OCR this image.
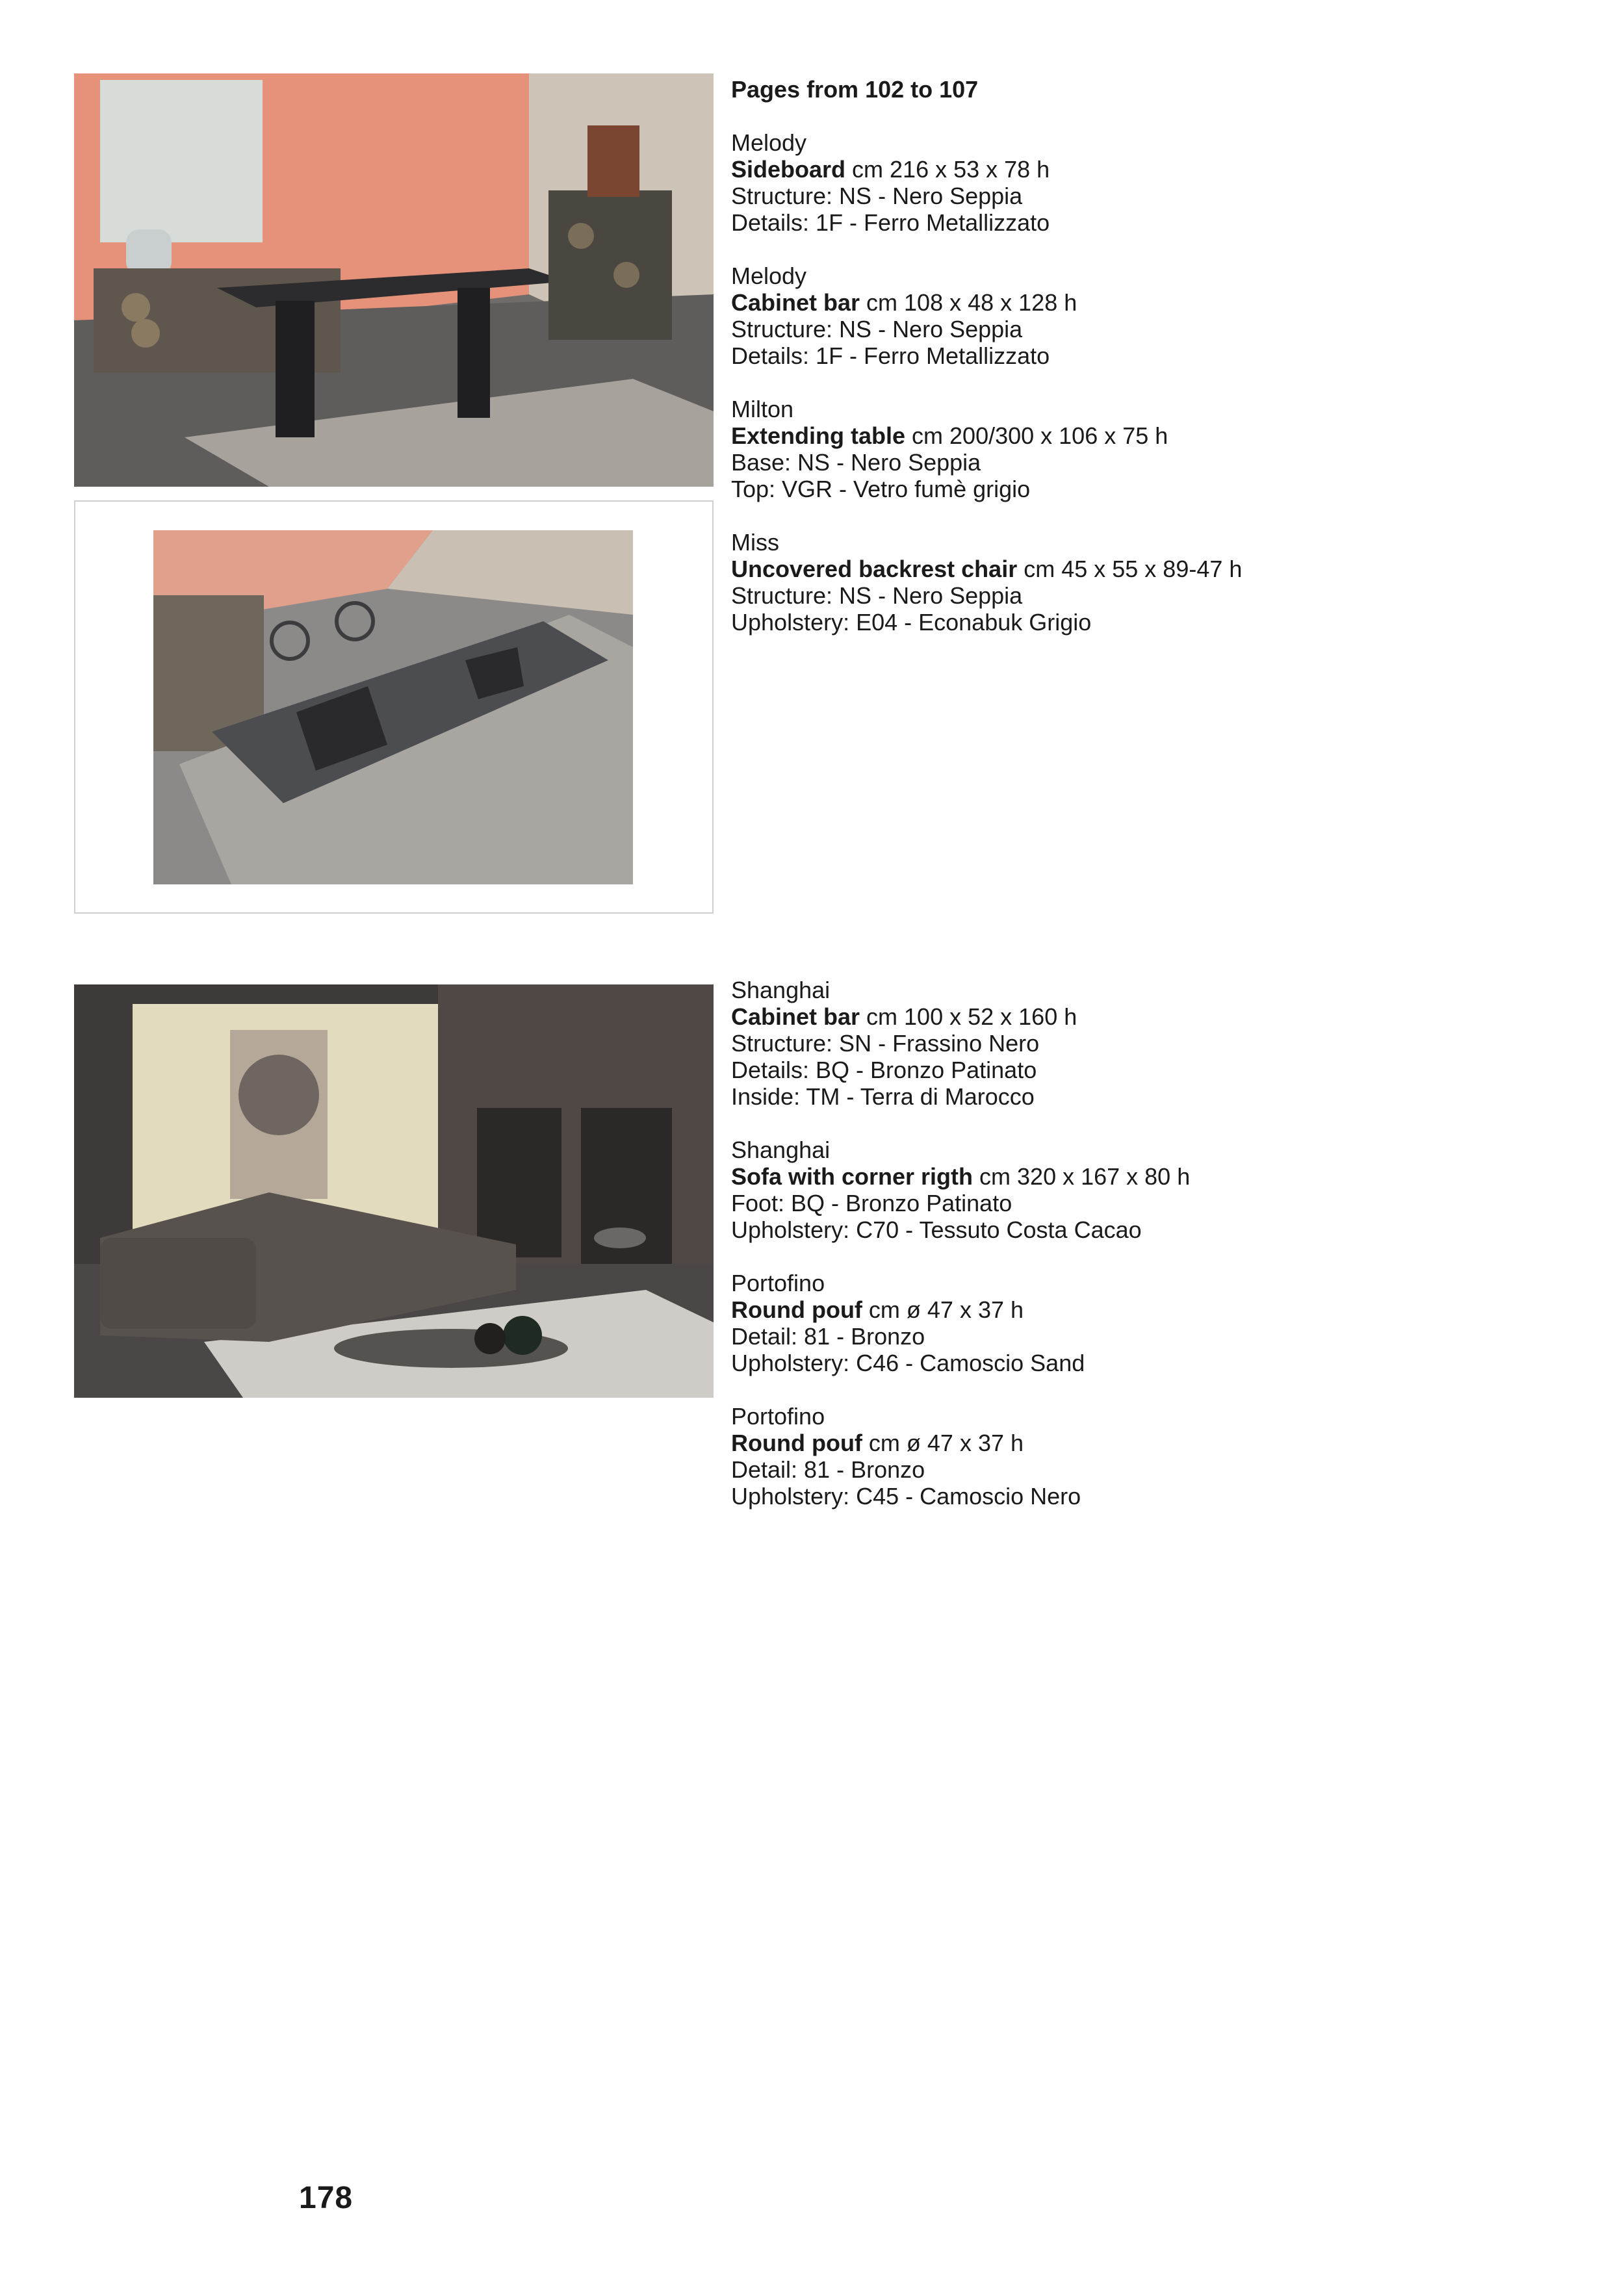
Pages from 102 to 107

Melody

Sideboard cm 216 x 53 x 78 h

Structure: NS - Nero Seppia

Details: 1F - Ferro Metallizzato

Melody

Cabinet bar cm 108 x 48 x 128 h

Structure: NS - Nero Seppia

Details: 1F - Ferro Metallizzato

Milton

Extending table cm 200/300 x 106 x 75 h

Base: NS - Nero Seppia

Top: VGR - Vetro fumè grigio

Miss

Uncovered backrest chair cm 45 x 55 x 89-47 h

Structure: NS - Nero Seppia

Upholstery: E04 - Econabuk Grigio

Shanghai

Cabinet bar cm 100 x 52 x 160 h

Structure: SN - Frassino Nero

Details: BQ - Bronzo Patinato

Inside: TM - Terra di Marocco

Shanghai

Sofa with corner rigth cm 320 x 167 x 80 h

Foot: BQ - Bronzo Patinato

Upholstery: C70 - Tessuto Costa Cacao

Portofino

Round pouf cm ø 47 x 37 h

Detail: 81 - Bronzo

Upholstery: C46 - Camoscio Sand

Portofino

Round pouf cm ø 47 x 37 h

Detail: 81 - Bronzo

Upholstery: C45 - Camoscio Nero

178
